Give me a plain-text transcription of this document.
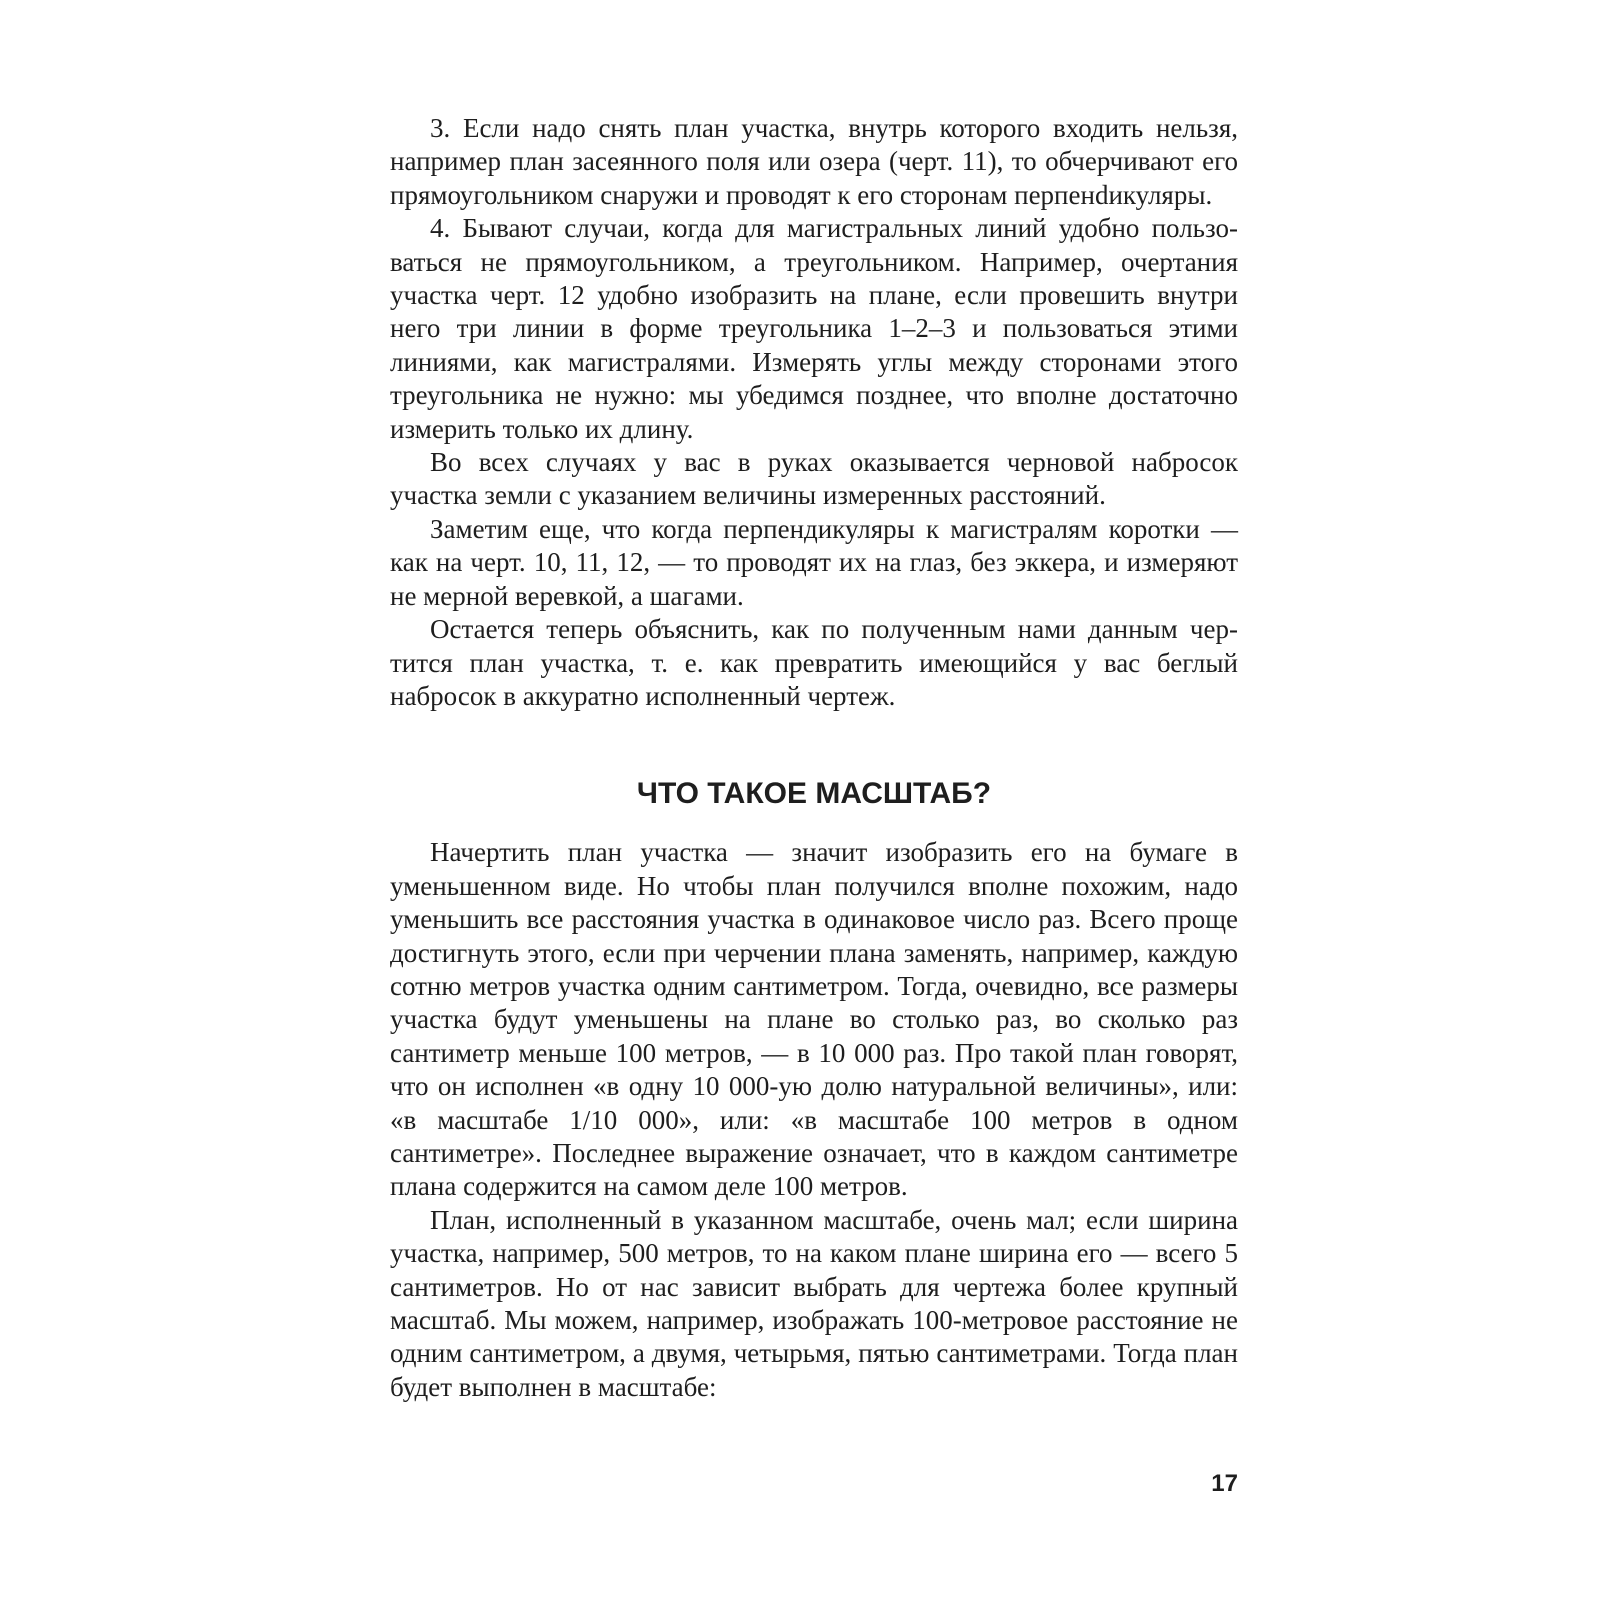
3. Если надо снять план участка, внутрь которого входить нельзя, например план засеянного поля или озера (черт. 11), то обчерчивают его прямоугольником снаружи и проводят к его сторонам перпенdикуляры.

4. Бывают случаи, когда для магистральных линий удобно пользоваться не прямоугольником, а треугольником. Например, очертания участка черт. 12 удобно изобразить на плане, если провешить внутри него три линии в форме треугольника 1–2–3 и пользоваться этими линиями, как магистралями. Измерять углы между сторонами этого треугольника не нужно: мы убедимся позднее, что вполне достаточно измерить только их длину.

Во всех случаях у вас в руках оказывается черновой набросок участка земли с указанием величины измеренных расстояний.

Заметим еще, что когда перпендикуляры к магистралям коротки — как на черт. 10, 11, 12, — то проводят их на глаз, без эккера, и измеряют не мерной веревкой, а шагами.

Остается теперь объяснить, как по полученным нами данным чертится план участка, т. е. как превратить имеющийся у вас беглый набросок в аккуратно исполненный чертеж.

ЧТО ТАКОЕ МАСШТАБ?

Начертить план участка — значит изобразить его на бумаге в уменьшенном виде. Но чтобы план получился вполне похожим, надо уменьшить все расстояния участка в одинаковое число раз. Всего проще достигнуть этого, если при черчении плана заменять, например, каждую сотню метров участка одним сантиметром. Тогда, очевидно, все размеры участка будут уменьшены на плане во столько раз, во сколько раз сантиметр меньше 100 метров, — в 10 000 раз. Про такой план говорят, что он исполнен «в одну 10 000-ую долю натуральной величины», или: «в масштабе 1/10 000», или: «в масштабе 100 метров в одном сантиметре». Последнее выражение означает, что в каждом сантиметре плана содержится на самом деле 100 метров.

План, исполненный в указанном масштабе, очень мал; если ширина участка, например, 500 метров, то на каком плане ширина его — всего 5 сантиметров. Но от нас зависит выбрать для чертежа более крупный масштаб. Мы можем, например, изображать 100-метровое расстояние не одним сантиметром, а двумя, четырьмя, пятью сантиметрами. Тогда план будет выполнен в масштабе:

17
